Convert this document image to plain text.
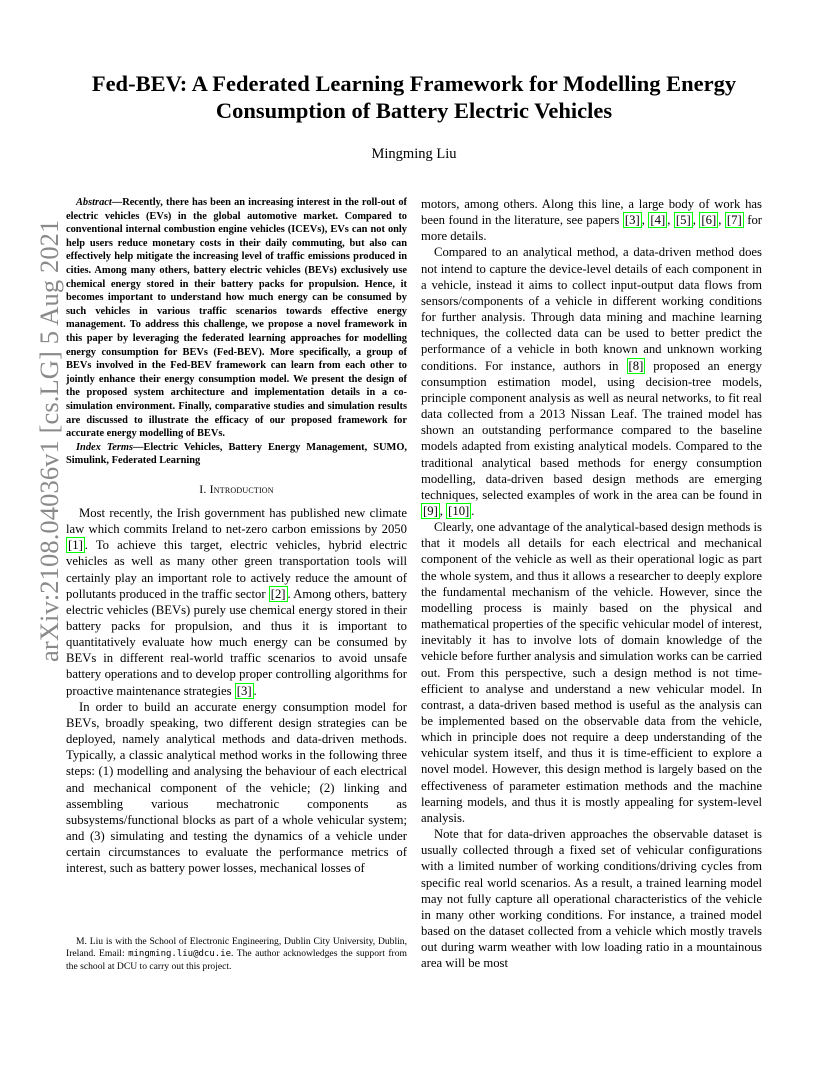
arXiv:2108.04036v1 [cs.LG] 5 Aug 2021
Fed-BEV: A Federated Learning Framework for Modelling Energy
Consumption of Battery Electric Vehicles
Mingming Liu

Abstract—Recently, there has been an increasing interest in the roll-out of electric vehicles (EVs) in the global automotive market. Compared to conventional internal combustion engine vehicles (ICEVs), EVs can not only help users reduce monetary costs in their daily commuting, but also can effectively help mitigate the increasing level of traffic emissions produced in cities. Among many others, battery electric vehicles (BEVs) exclusively use chemical energy stored in their battery packs for propulsion. Hence, it becomes important to understand how much energy can be consumed by such vehicles in various traffic scenarios towards effective energy management. To address this challenge, we propose a novel framework in this paper by leveraging the federated learning approaches for modelling energy consumption for BEVs (Fed-BEV). More specifically, a group of BEVs involved in the Fed-BEV framework can learn from each other to jointly enhance their energy consumption model. We present the design of the proposed system architecture and implementation details in a co-simulation environment. Finally, comparative studies and simulation results are discussed to illustrate the efficacy of our proposed framework for accurate energy modelling of BEVs.

Index Terms—Electric Vehicles, Battery Energy Management, SUMO, Simulink, Federated Learning

I. Introduction

Most recently, the Irish government has published new climate law which commits Ireland to net-zero carbon emissions by 2050 [1] . To achieve this target, electric vehicles, hybrid electric vehicles as well as many other green transportation tools will certainly play an important role to actively reduce the amount of pollutants produced in the traffic sector [2] . Among others, battery electric vehicles (BEVs) purely use chemical energy stored in their battery packs for propulsion, and thus it is important to quantitatively evaluate how much energy can be consumed by BEVs in different real-world traffic scenarios to avoid unsafe battery operations and to develop proper controlling algorithms for proactive maintenance strategies [3] .

In order to build an accurate energy consumption model for BEVs, broadly speaking, two different design strategies can be deployed, namely analytical methods and data-driven methods. Typically, a classic analytical method works in the following three steps: (1) modelling and analysing the behaviour of each electrical and mechanical component of the vehicle; (2) linking and assembling various mechatronic components as subsystems/functional blocks as part of a whole vehicular system; and (3) simulating and testing the dynamics of a vehicle under certain circumstances to evaluate the performance metrics of interest, such as battery power losses, mechanical losses of

M. Liu is with the School of Electronic Engineering, Dublin City University, Dublin, Ireland. Email: mingming.liu@dcu.ie. The author acknowledges the support from the school at DCU to carry out this project.

motors, among others. Along this line, a large body of work has been found in the literature, see papers [3] , [4] , [5] , [6] , [7] for more details.

Compared to an analytical method, a data-driven method does not intend to capture the device-level details of each component in a vehicle, instead it aims to collect input-output data flows from sensors/components of a vehicle in different working conditions for further analysis. Through data mining and machine learning techniques, the collected data can be used to better predict the performance of a vehicle in both known and unknown working conditions. For instance, authors in [8] proposed an energy consumption estimation model, using decision-tree models, principle component analysis as well as neural networks, to fit real data collected from a 2013 Nissan Leaf. The trained model has shown an outstanding performance compared to the baseline models adapted from existing analytical models. Compared to the traditional analytical based methods for energy consumption modelling, data-driven based design methods are emerging techniques, selected examples of work in the area can be found in [9] , [10] .

Clearly, one advantage of the analytical-based design methods is that it models all details for each electrical and mechanical component of the vehicle as well as their operational logic as part the whole system, and thus it allows a researcher to deeply explore the fundamental mechanism of the vehicle. However, since the modelling process is mainly based on the physical and mathematical properties of the specific vehicular model of interest, inevitably it has to involve lots of domain knowledge of the vehicle before further analysis and simulation works can be carried out. From this perspective, such a design method is not time-efficient to analyse and understand a new vehicular model. In contrast, a data-driven based method is useful as the analysis can be implemented based on the observable data from the vehicle, which in principle does not require a deep understanding of the vehicular system itself, and thus it is time-efficient to explore a novel model. However, this design method is largely based on the effectiveness of parameter estimation methods and the machine learning models, and thus it is mostly appealing for system-level analysis.

Note that for data-driven approaches the observable dataset is usually collected through a fixed set of vehicular configurations with a limited number of working conditions/driving cycles from specific real world scenarios. As a result, a trained learning model may not fully capture all operational characteristics of the vehicle in many other working conditions. For instance, a trained model based on the dataset collected from a vehicle which mostly travels out during warm weather with low loading ratio in a mountainous area will be most
